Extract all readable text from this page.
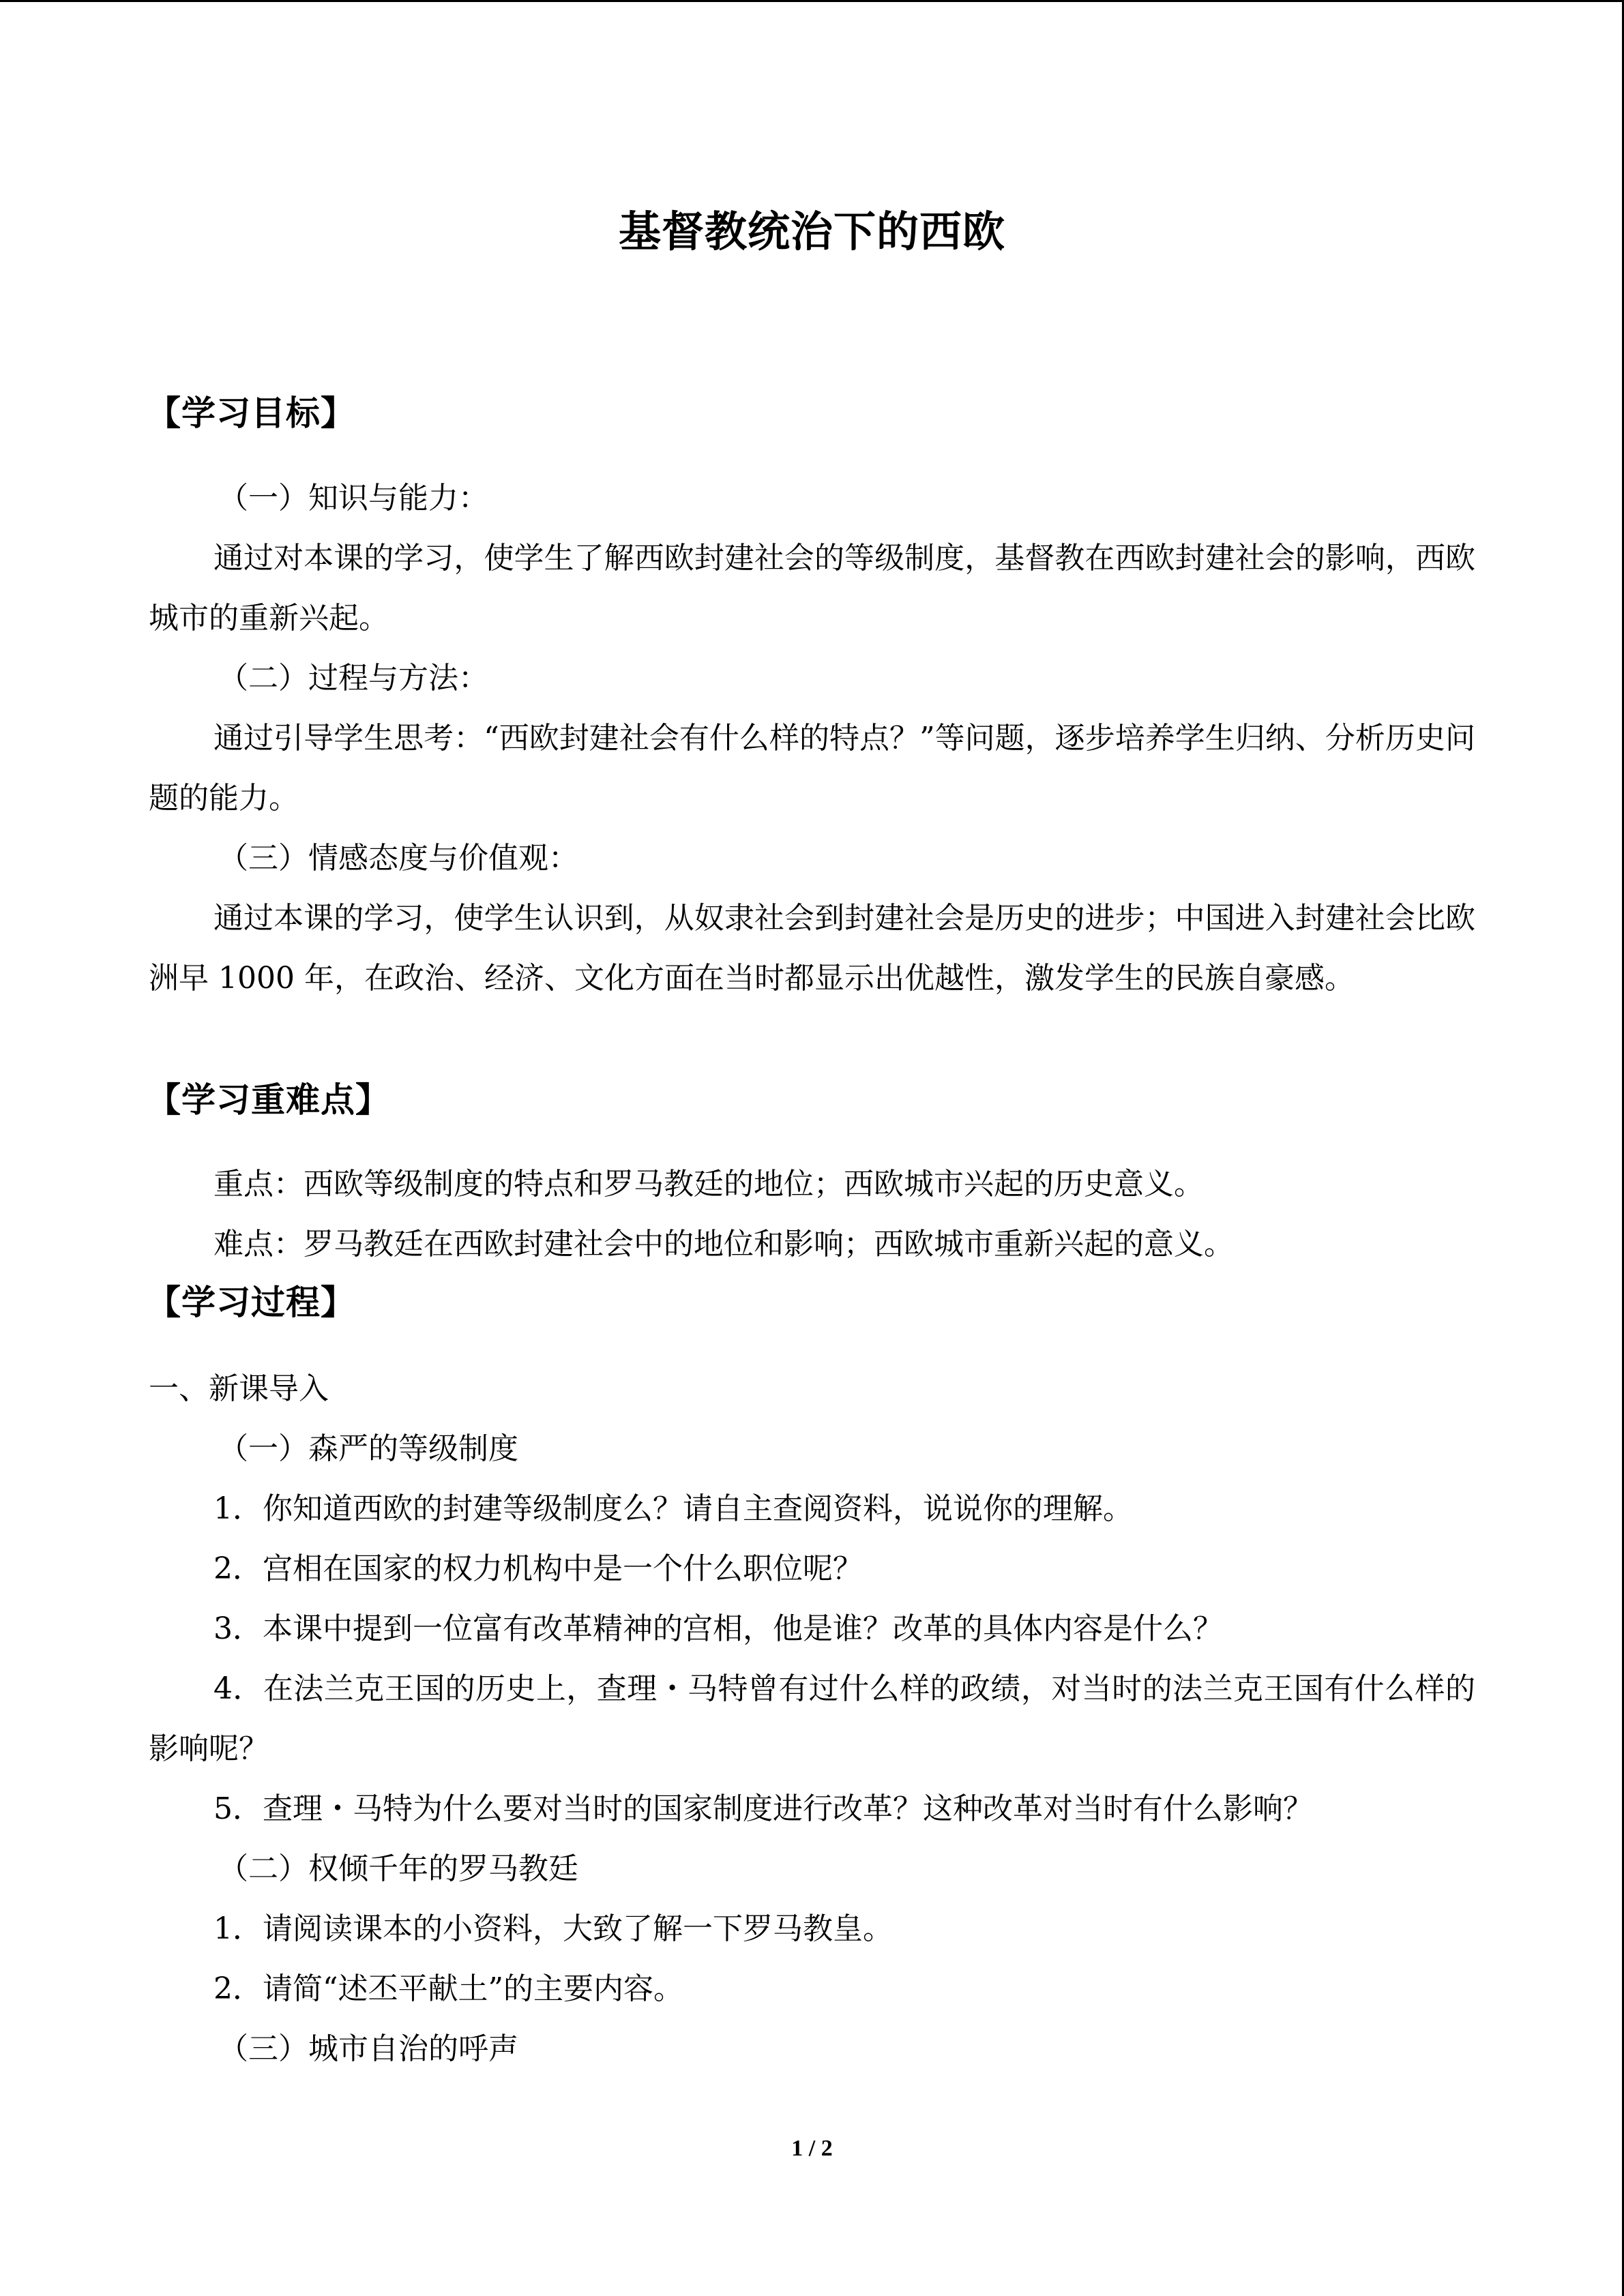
基督教统治下的西欧
【学习目标】

（一）知识与能力：

通过对本课的学习，使学生了解西欧封建社会的等级制度，基督教在西欧封建社会的影响，西欧城市的重新兴起。

（二）过程与方法：

通过引导学生思考：“西欧封建社会有什么样的特点？”等问题，逐步培养学生归纳、分析历史问题的能力。

（三）情感态度与价值观：

通过本课的学习，使学生认识到，从奴隶社会到封建社会是历史的进步；中国进入封建社会比欧洲早 1000 年，在政治、经济、文化方面在当时都显示出优越性，激发学生的民族自豪感。

【学习重难点】

重点：西欧等级制度的特点和罗马教廷的地位；西欧城市兴起的历史意义。

难点：罗马教廷在西欧封建社会中的地位和影响；西欧城市重新兴起的意义。

【学习过程】

一、新课导入

（一）森严的等级制度

1．你知道西欧的封建等级制度么？请自主查阅资料，说说你的理解。

2．宫相在国家的权力机构中是一个什么职位呢？

3．本课中提到一位富有改革精神的宫相，他是谁？改革的具体内容是什么？

4．在法兰克王国的历史上，查理・马特曾有过什么样的政绩，对当时的法兰克王国有什么样的影响呢？

5．查理・马特为什么要对当时的国家制度进行改革？这种改革对当时有什么影响？

（二）权倾千年的罗马教廷

1．请阅读课本的小资料，大致了解一下罗马教皇。

2．请简“述丕平献土”的主要内容。

（三）城市自治的呼声

1 / 2
